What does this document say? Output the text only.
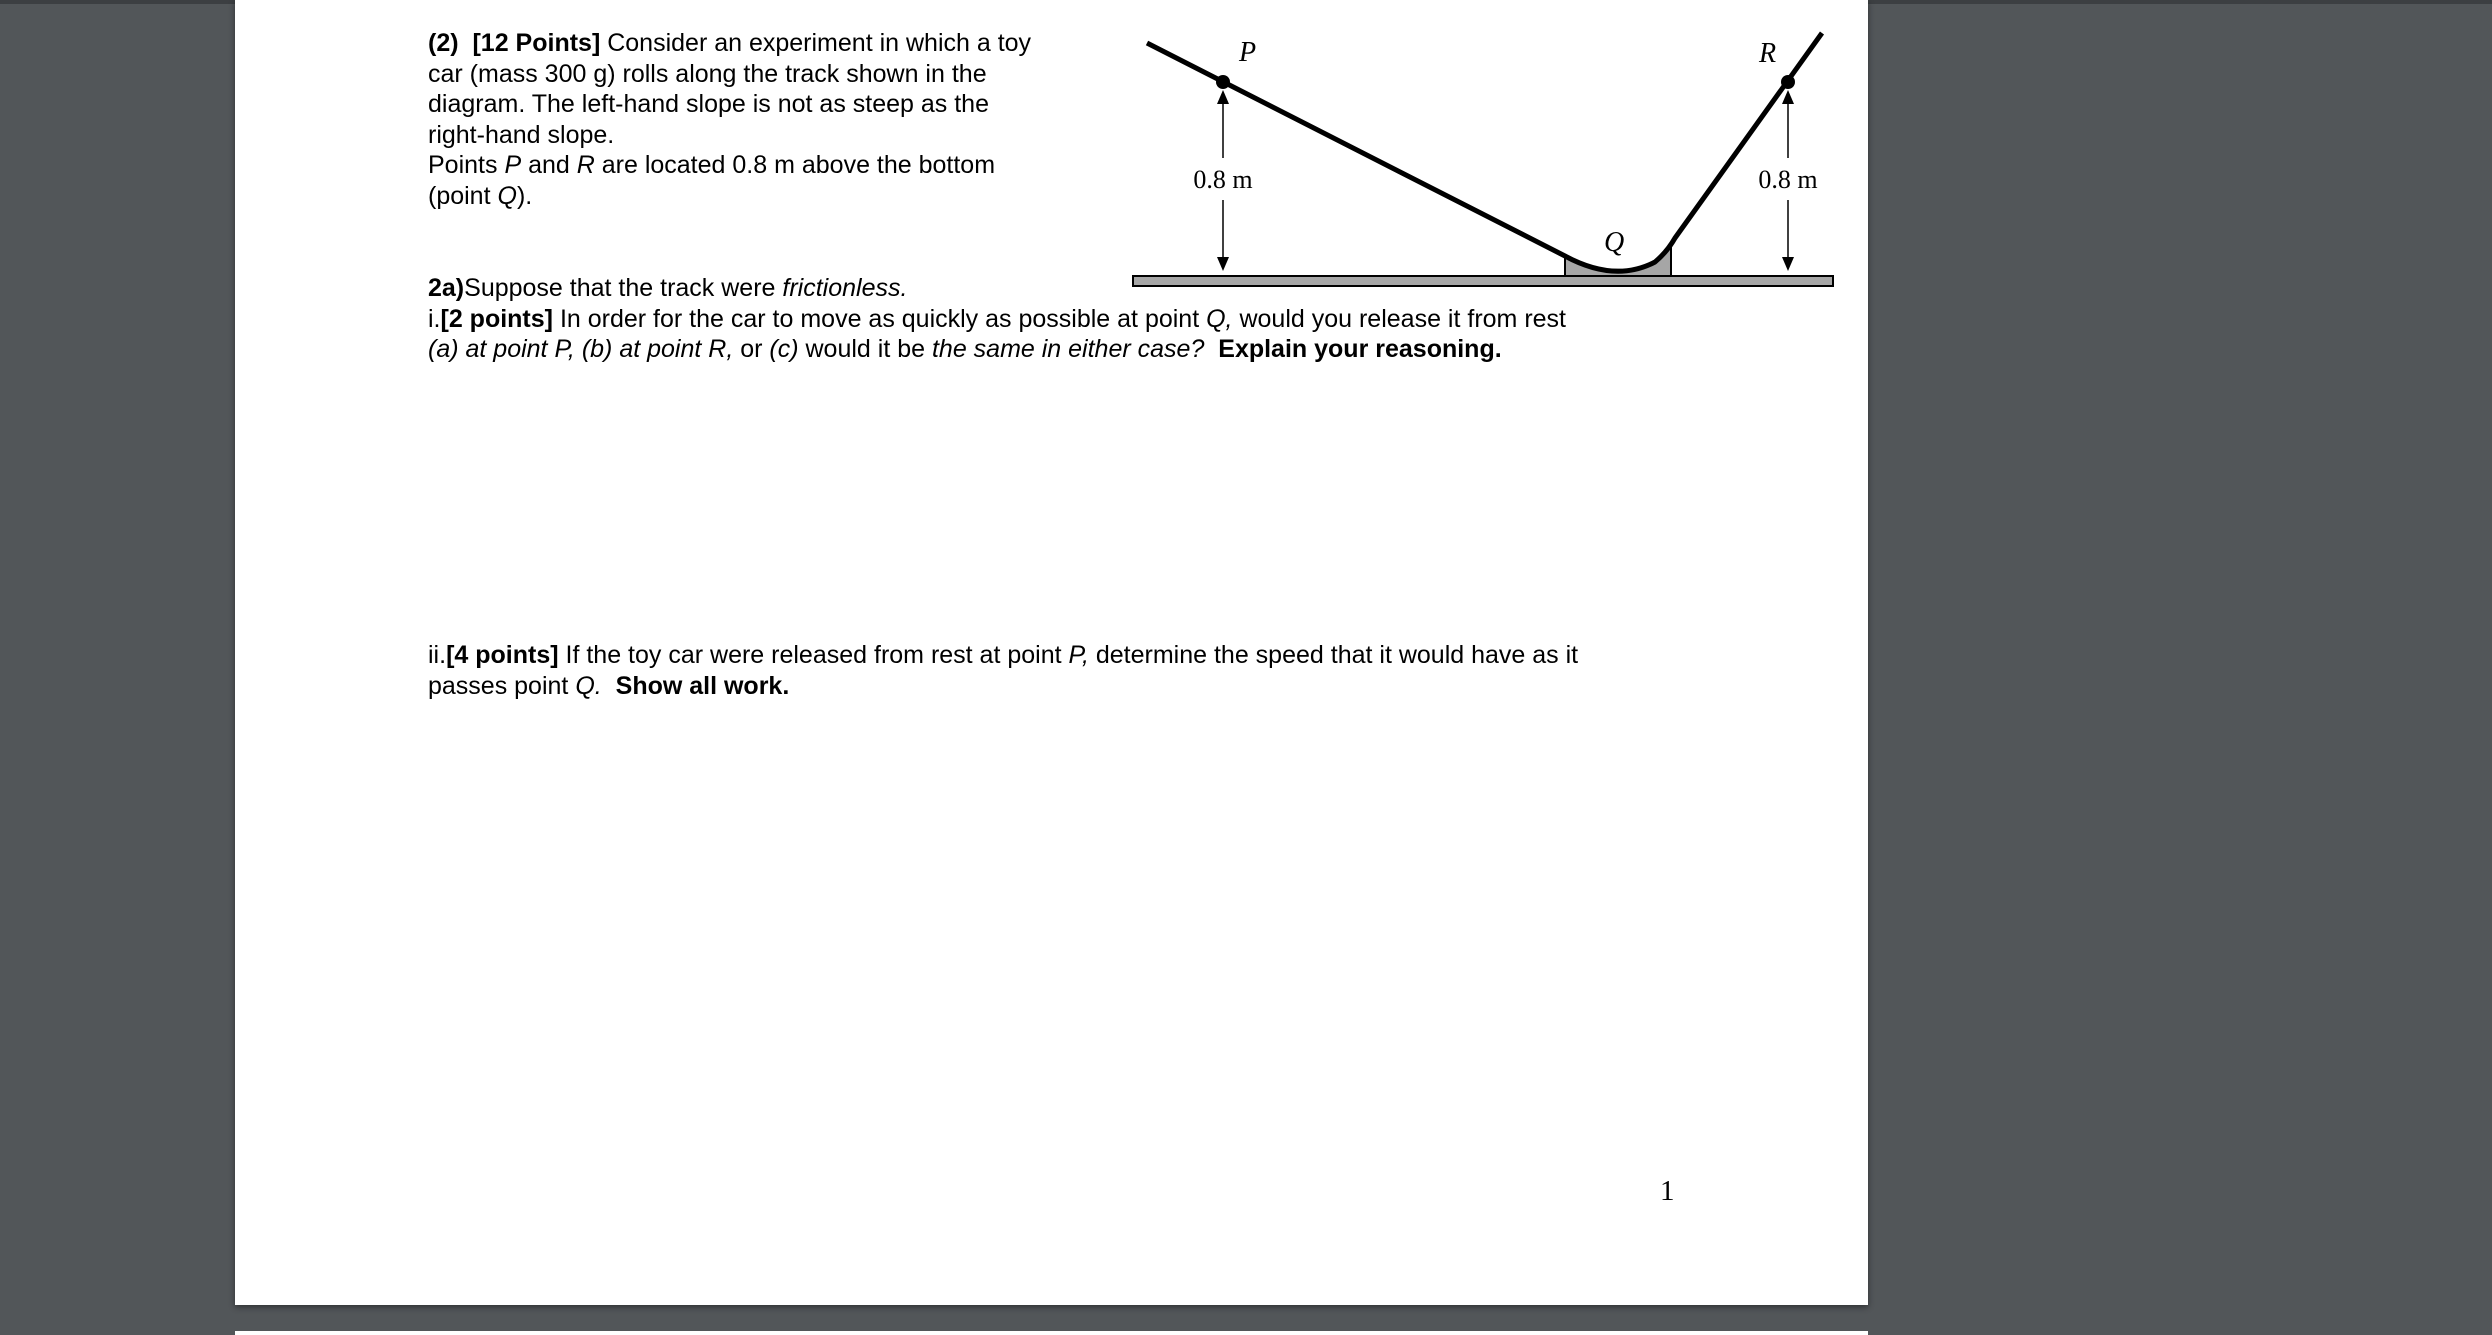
(2) [12 Points] Consider an experiment in which a toy
car (mass 300 g) rolls along the track shown in the
diagram. The left-hand slope is not as steep as the
right-hand slope.
Points P and R are located 0.8 m above the bottom
(point Q).
P	R
Q
0.8 m	0.8 m
2a)Suppose that the track were frictionless.
i.[2 points] In order for the car to move as quickly as possible at point Q, would you release it from rest
(a) at point P, (b) at point R, or (c) would it be the same in either case? Explain your reasoning.
ii.[4 points] If the toy car were released from rest at point P, determine the speed that it would have as it
passes point Q. Show all work.
1
